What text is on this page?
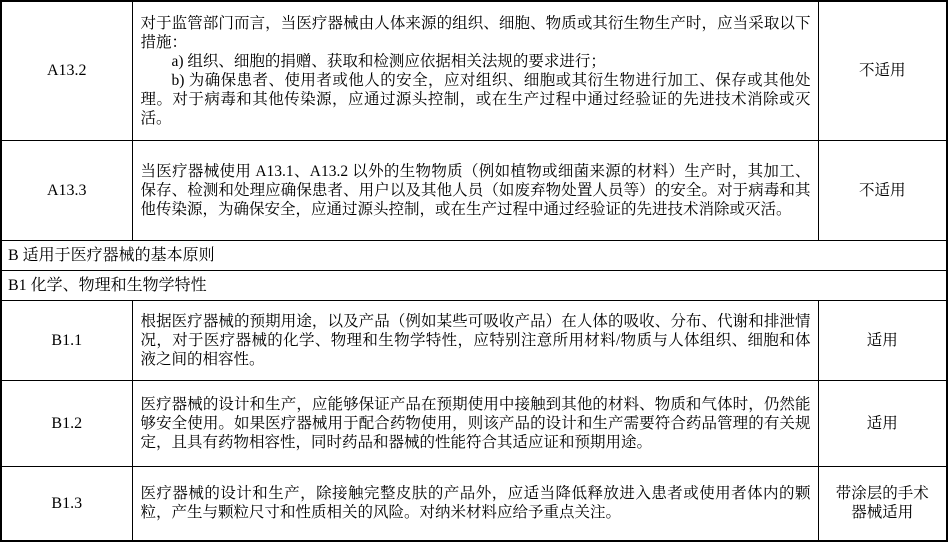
A13.2	对于监管部门而言，当医疗器械由人体来源的组织、细胞、物质或其衍生物生产时，应当采取以下措施：

a) 组织、细胞的捐赠、获取和检测应依据相关法规的要求进行；

b) 为确保患者、使用者或他人的安全，应对组织、细胞或其衍生物进行加工、保存或其他处理。对于病毒和其他传染源，应通过源头控制，或在生产过程中通过经验证的先进技术消除或灭活。	不适用
A13.3	当医疗器械使用 A13.1、A13.2 以外的生物物质（例如植物或细菌来源的材料）生产时，其加工、保存、检测和处理应确保患者、用户以及其他人员（如废弃物处置人员等）的安全。对于病毒和其他传染源，为确保安全，应通过源头控制，或在生产过程中通过经验证的先进技术消除或灭活。	不适用
B 适用于医疗器械的基本原则		
B1 化学、物理和生物学特性		
B1.1	根据医疗器械的预期用途，以及产品（例如某些可吸收产品）在人体的吸收、分布、代谢和排泄情况，对于医疗器械的化学、物理和生物学特性，应特别注意所用材料/物质与人体组织、细胞和体液之间的相容性。	适用
B1.2	医疗器械的设计和生产，应能够保证产品在预期使用中接触到其他的材料、物质和气体时，仍然能够安全使用。如果医疗器械用于配合药物使用，则该产品的设计和生产需要符合药品管理的有关规定，且具有药物相容性，同时药品和器械的性能符合其适应证和预期用途。	适用
B1.3	医疗器械的设计和生产，除接触完整皮肤的产品外，应适当降低释放进入患者或使用者体内的颗粒，产生与颗粒尺寸和性质相关的风险。对纳米材料应给予重点关注。	带涂层的手术器械适用
